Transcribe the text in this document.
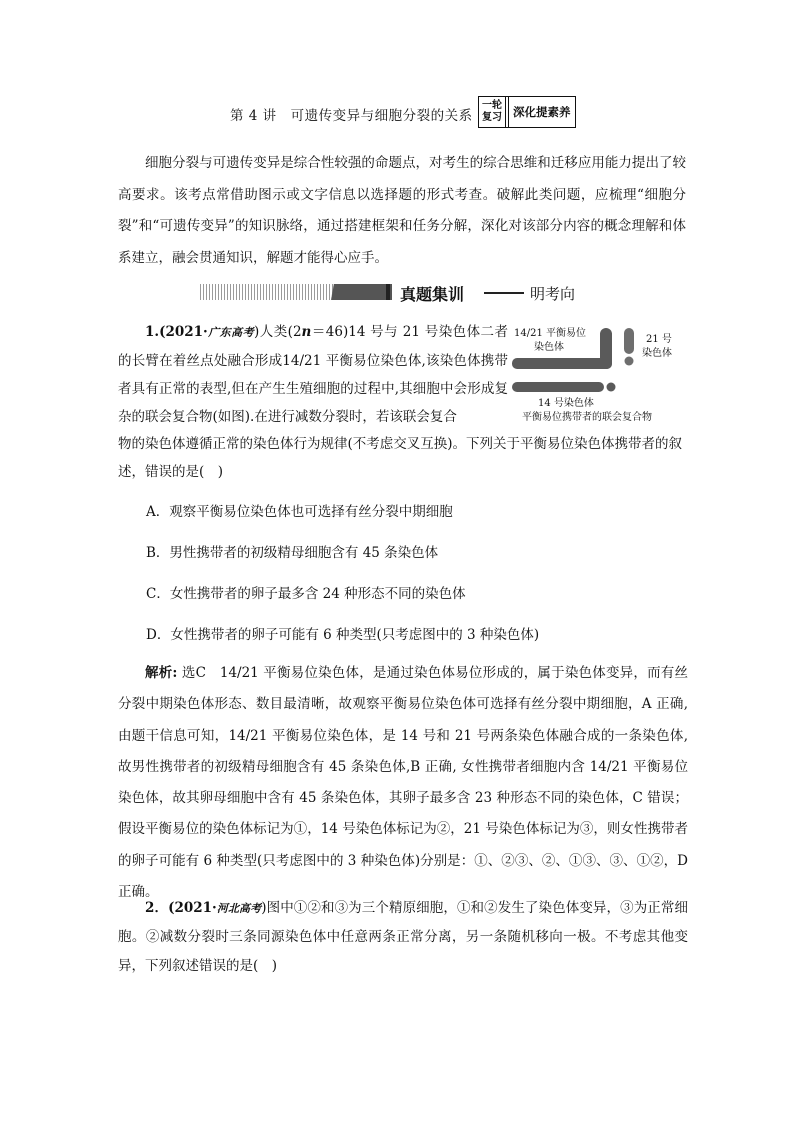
第 4 讲　可遗传变异与细胞分裂的关系
一轮
复习 深化提素养
细胞分裂与可遗传变异是综合性较强的命题点，对考生的综合思维和迁移应用能力提出了较高要求。该考点常借助图示或文字信息以选择题的形式考查。破解此类问题，应梳理“细胞分裂”和“可遗传变异”的知识脉络，通过搭建框架和任务分解，深化对该部分内容的概念理解和体系建立，融会贯通知识，解题才能得心应手。
真题集训	明考向
1.(2021·广东高考)人类(2n＝46)14 号与 21 号染色体二者的长臂在着丝点处融合形成14/21 平衡易位染色体,该染色体携带者具有正常的表型,但在产生生殖细胞的过程中,其细胞中会形成复杂的联会复合物(如图).在进行减数分裂时，若该联会复合
物的染色体遵循正常的染色体行为规律(不考虑交叉互换)。下列关于平衡易位染色体携带者的叙述，错误的是(　)
14/21 平衡易位
染色体
21 号
染色体
14 号染色体
平衡易位携带者的联会复合物
A．观察平衡易位染色体也可选择有丝分裂中期细胞
B．男性携带者的初级精母细胞含有 45 条染色体
C．女性携带者的卵子最多含 24 种形态不同的染色体
D．女性携带者的卵子可能有 6 种类型(只考虑图中的 3 种染色体)
解析: 选C　14/21 平衡易位染色体，是通过染色体易位形成的，属于染色体变异，而有丝分裂中期染色体形态、数目最清晰，故观察平衡易位染色体可选择有丝分裂中期细胞，A 正确, 由题干信息可知，14/21 平衡易位染色体，是 14 号和 21 号两条染色体融合成的一条染色体,故男性携带者的初级精母细胞含有 45 条染色体,B 正确, 女性携带者细胞内含 14/21 平衡易位染色体，故其卵母细胞中含有 45 条染色体，其卵子最多含 23 种形态不同的染色体，C 错误；假设平衡易位的染色体标记为①，14 号染色体标记为②，21 号染色体标记为③，则女性携带者的卵子可能有 6 种类型(只考虑图中的 3 种染色体)分别是：①、②③、②、①③、③、①②，D 正确。
2．(2021·河北高考)图中①②和③为三个精原细胞，①和②发生了染色体变异，③为正常细胞。②减数分裂时三条同源染色体中任意两条正常分离，另一条随机移向一极。不考虑其他变异，下列叙述错误的是(　)
